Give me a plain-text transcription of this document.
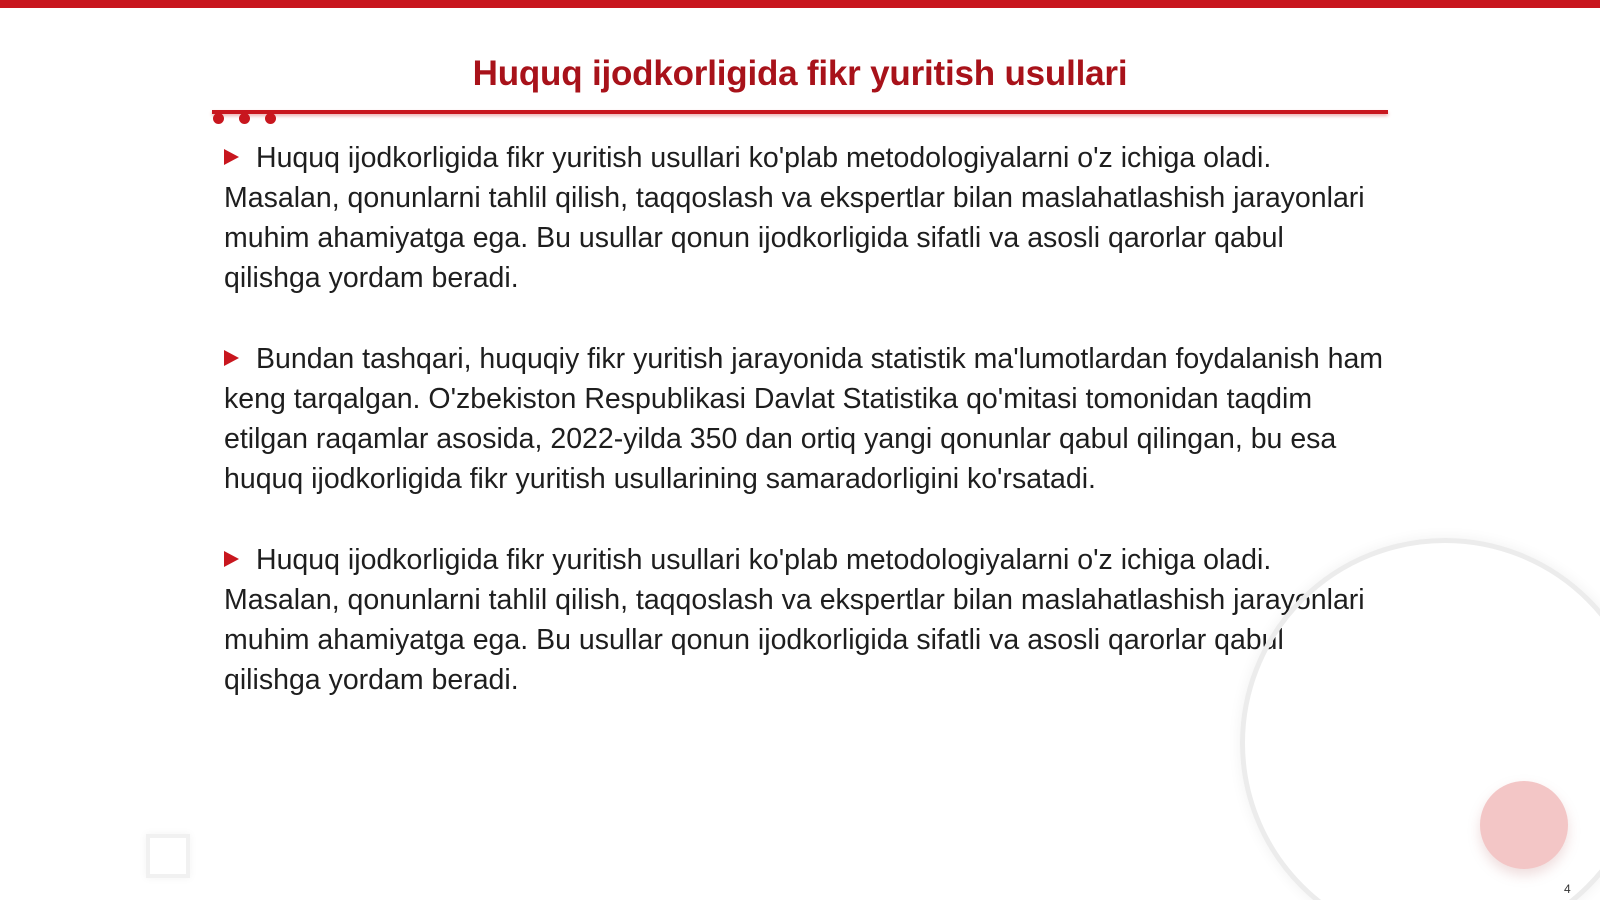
Huquq ijodkorligida fikr yuritish usullari

Huquq ijodkorligida fikr yuritish usullari ko'plab metodologiyalarni o'z ichiga oladi. Masalan, qonunlarni tahlil qilish, taqqoslash va ekspertlar bilan maslahatlashish jarayonlari muhim ahamiyatga ega. Bu usullar qonun ijodkorligida sifatli va asosli qarorlar qabul qilishga yordam beradi.

Bundan tashqari, huquqiy fikr yuritish jarayonida statistik ma'lumotlardan foydalanish ham keng tarqalgan. O'zbekiston Respublikasi Davlat Statistika qo'mitasi tomonidan taqdim etilgan raqamlar asosida, 2022-yilda 350 dan ortiq yangi qonunlar qabul qilingan, bu esa huquq ijodkorligida fikr yuritish usullarining samaradorligini ko'rsatadi.

Huquq ijodkorligida fikr yuritish usullari ko'plab metodologiyalarni o'z ichiga oladi. Masalan, qonunlarni tahlil qilish, taqqoslash va ekspertlar bilan maslahatlashish jarayonlari muhim ahamiyatga ega. Bu usullar qonun ijodkorligida sifatli va asosli qarorlar qabul qilishga yordam beradi.

4
